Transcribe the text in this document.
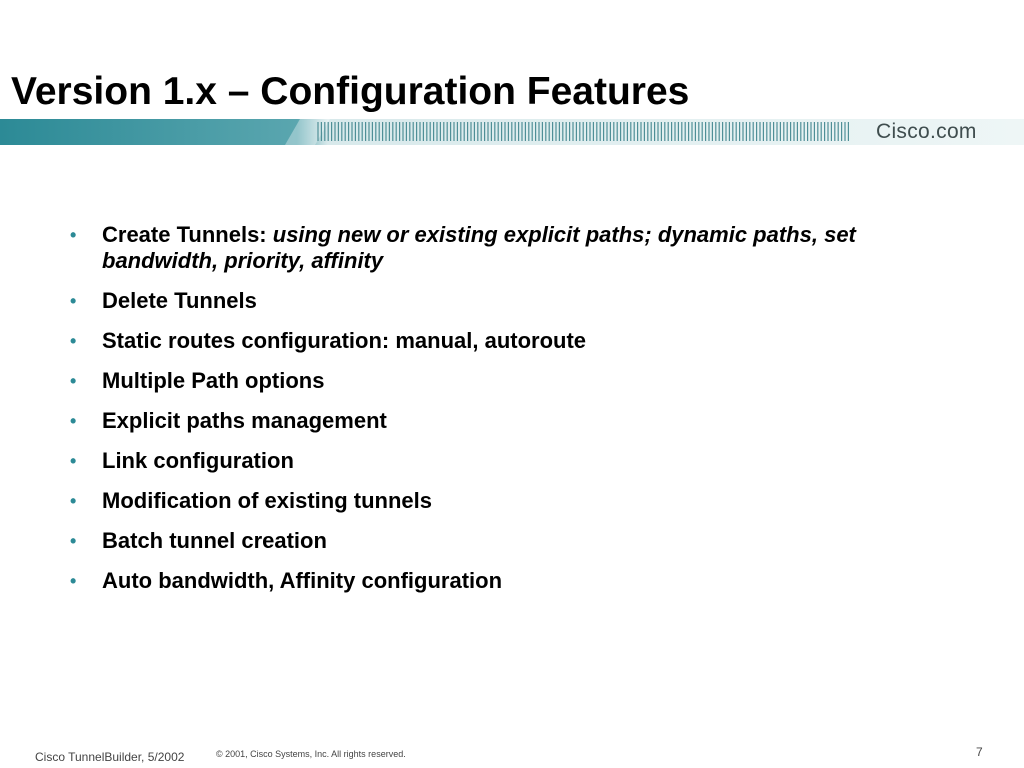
Version 1.x – Configuration Features
Cisco.com
• Create Tunnels: using new or existing explicit paths; dynamic paths, set bandwidth, priority, affinity
• Delete Tunnels
• Static routes configuration: manual, autoroute
• Multiple Path options
• Explicit paths management
• Link configuration
• Modification of existing tunnels
• Batch tunnel creation
• Auto bandwidth, Affinity configuration
Cisco TunnelBuilder, 5/2002	© 2001, Cisco Systems, Inc. All rights reserved.	7
